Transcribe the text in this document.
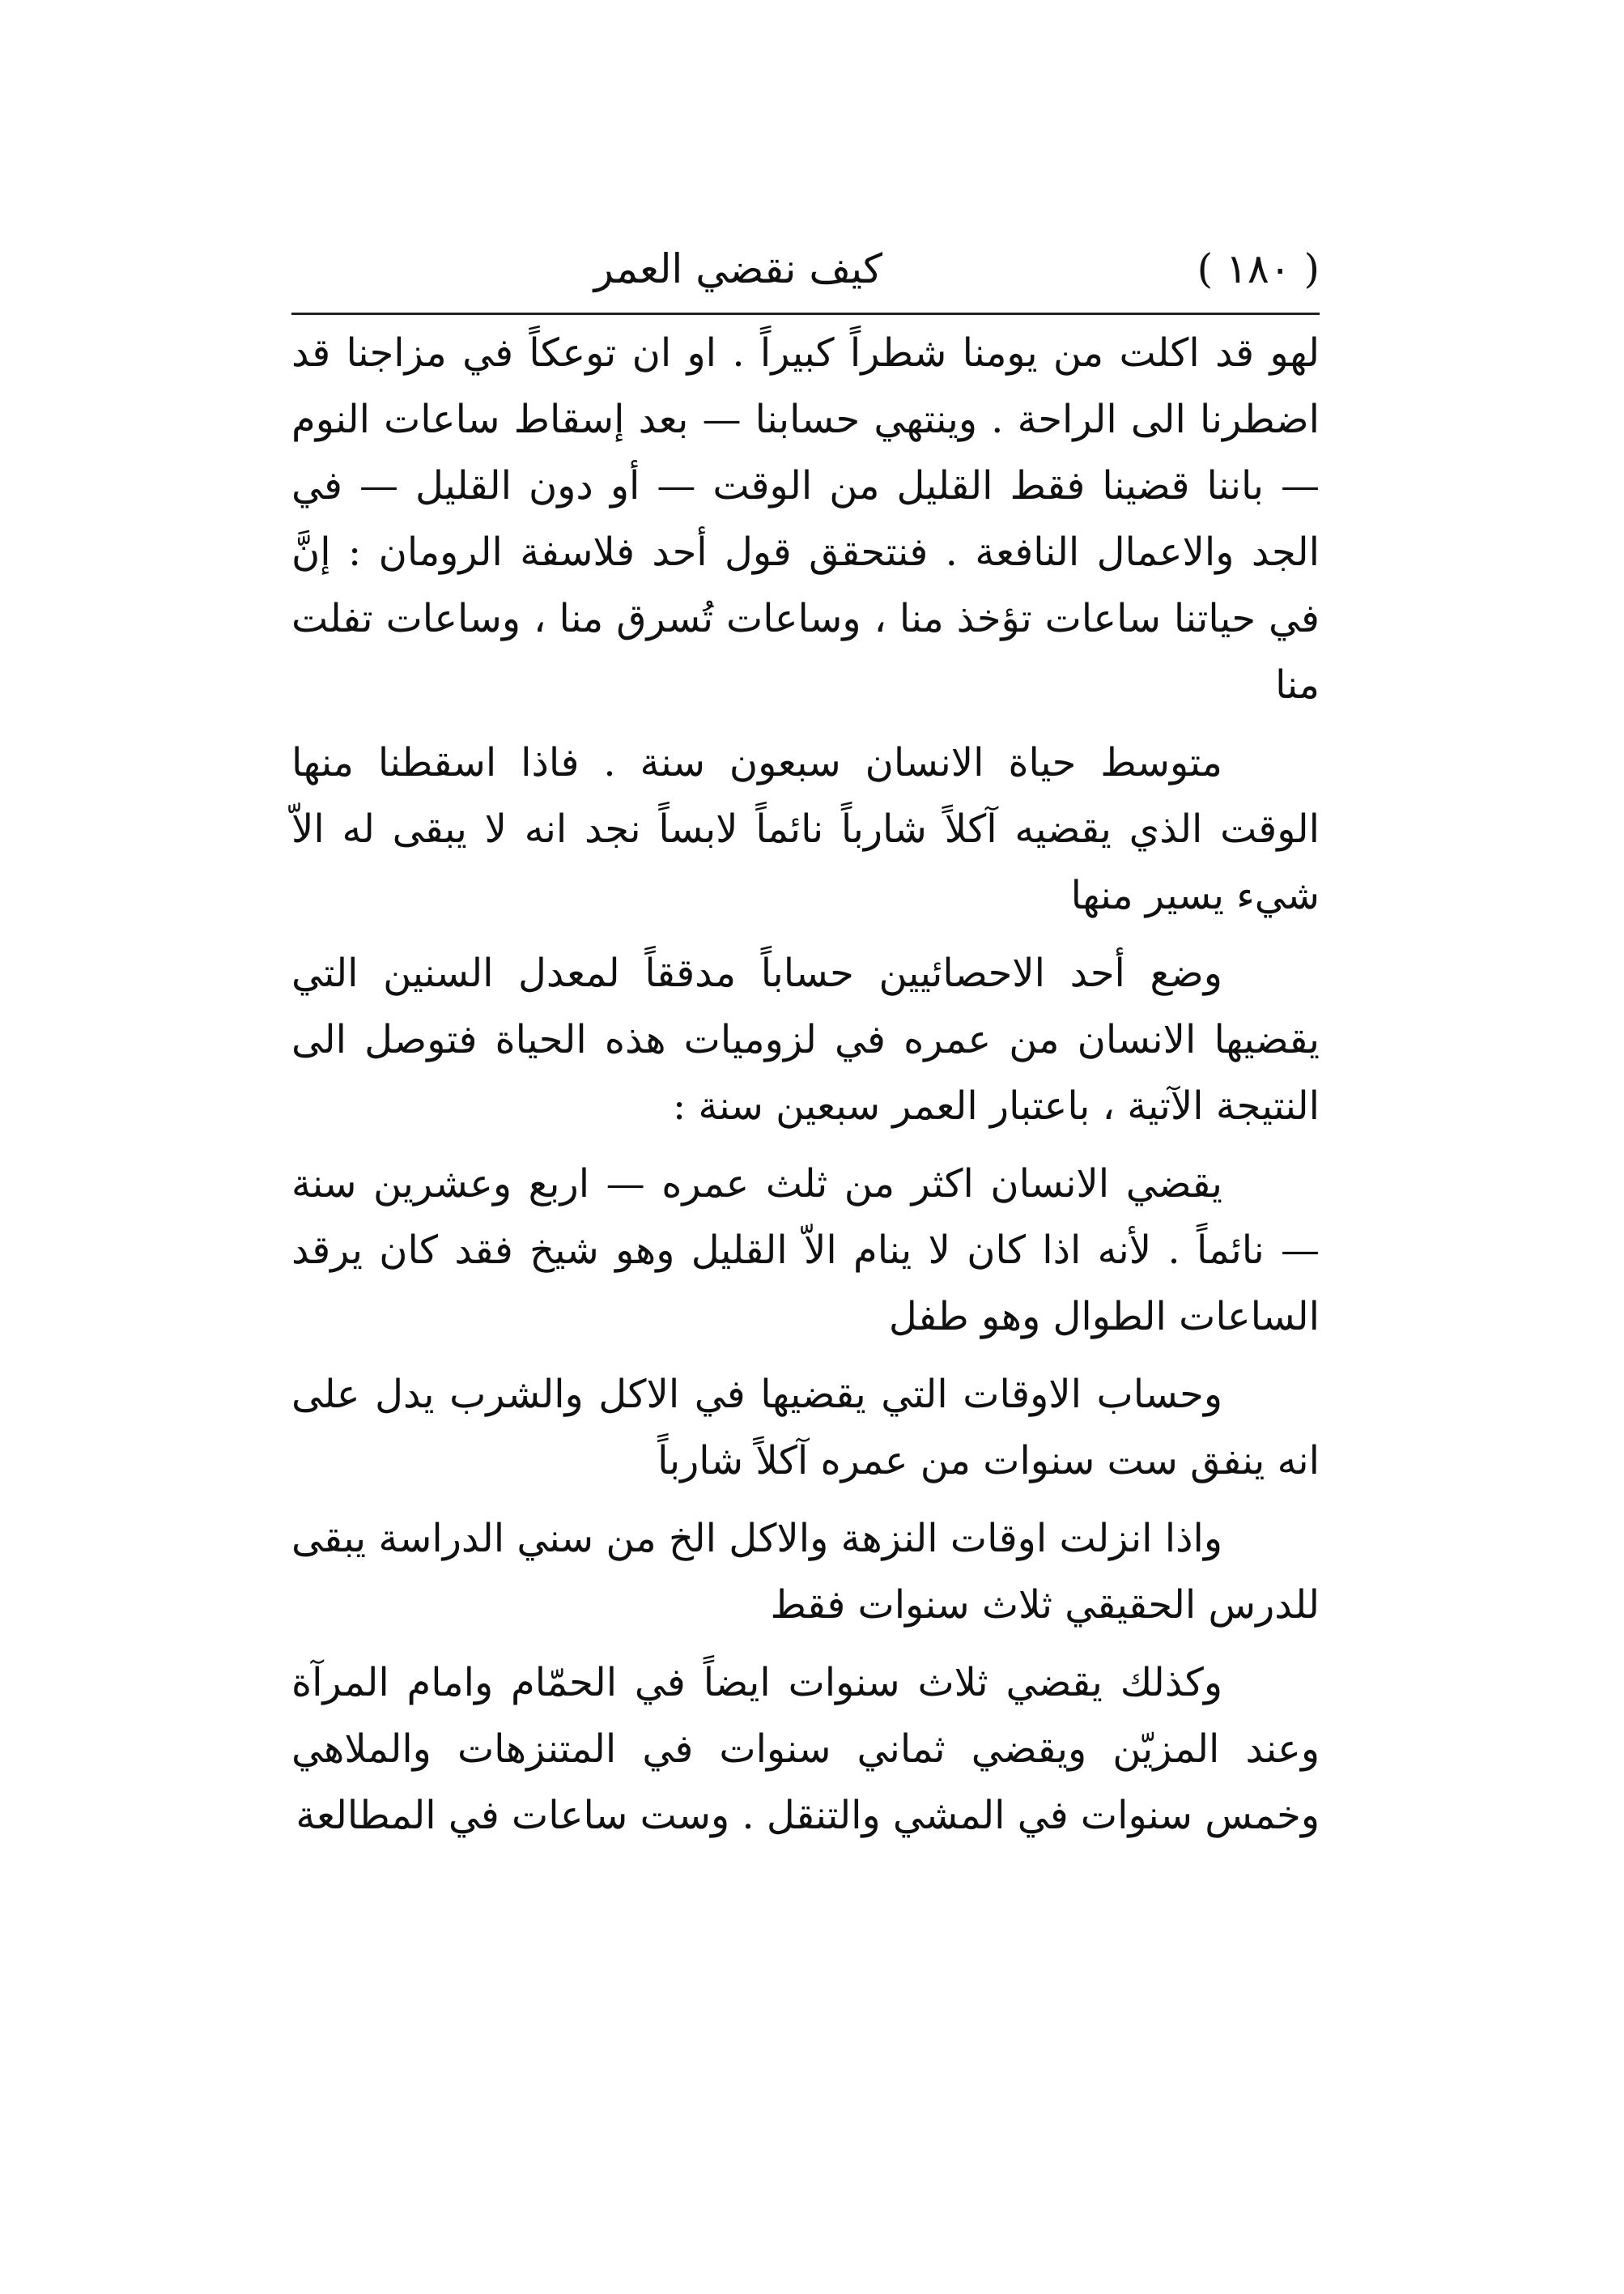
( ١٨٠ )
كيف نقضي العمر

لهو قد اكلت من يومنا شطراً كبيراً . او ان توعكاً في مزاجنا قد اضطرنا الى الراحة . وينتهي حسابنا — بعد إسقاط ساعات النوم — باننا قضينا فقط القليل من الوقت — أو دون القليل — في الجد والاعمال النافعة . فنتحقق قول أحد فلاسفة الرومان : إنَّ في حياتنا ساعات تؤخذ منا ، وساعات تُسرق منا ، وساعات تفلت منا

متوسط حياة الانسان سبعون سنة . فاذا اسقطنا منها الوقت الذي يقضيه آكلاً شارباً نائماً لابساً نجد انه لا يبقى له الاّ شيء يسير منها

وضع أحد الاحصائيين حساباً مدققاً لمعدل السنين التي يقضيها الانسان من عمره في لزوميات هذه الحياة فتوصل الى النتيجة الآتية ، باعتبار العمر سبعين سنة :

يقضي الانسان اكثر من ثلث عمره — اربع وعشرين سنة — نائماً . لأنه اذا كان لا ينام الاّ القليل وهو شيخ فقد كان يرقد الساعات الطوال وهو طفل

وحساب الاوقات التي يقضيها في الاكل والشرب يدل على انه ينفق ست سنوات من عمره آكلاً شارباً

واذا انزلت اوقات النزهة والاكل الخ من سني الدراسة يبقى للدرس الحقيقي ثلاث سنوات فقط

وكذلك يقضي ثلاث سنوات ايضاً في الحمّام وامام المرآة وعند المزيّن ويقضي ثماني سنوات في المتنزهات والملاهي وخمس سنوات في المشي والتنقل . وست ساعات في المطالعة
